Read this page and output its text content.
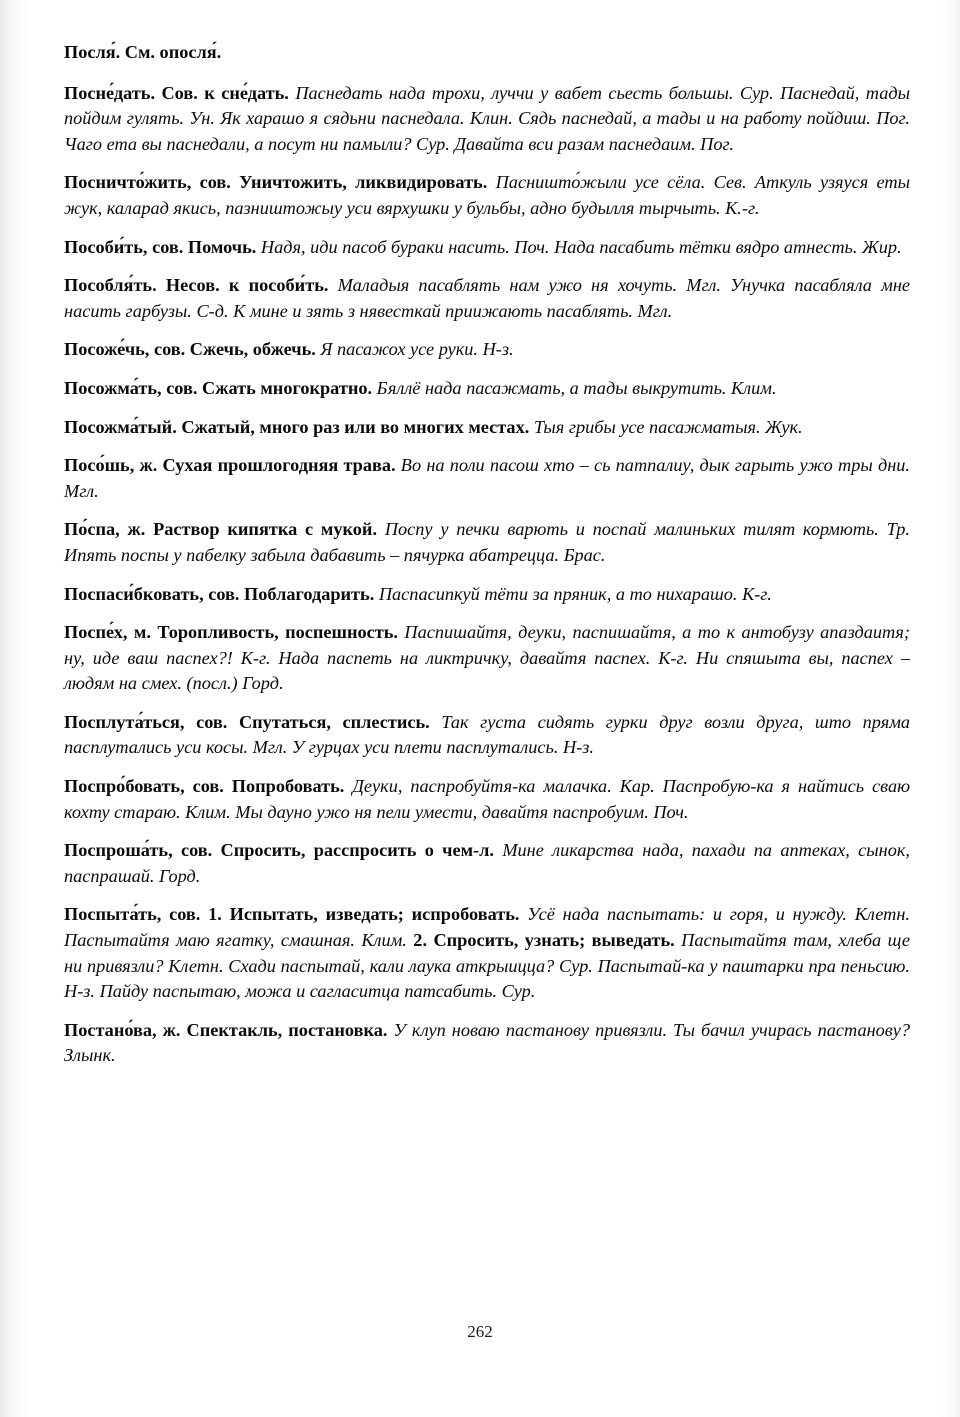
Посля́. См. опосля́.

Посне́дать. Сов. к сне́дать. Паснедать нада трохи, луччи у вабет сьесть большы. Сур. Паснедай, тады пойдим гулять. Ун. Як харашо я сядьни паснедала. Клин. Сядь паснедай, а тады и на работу пойдиш. Пог. Чаго ета вы паснедали, а посут ни памыли? Сур. Давайта вси разам паснедаим. Пог.

Посничто́жить, сов. Уничтожить, ликвидировать. Пасништо́жыли усе сёла. Сев. Аткуль узяуся еты жук, каларад якись, пазништожыу уси вярхушки у бульбы, адно будылля тырчыть. К.-г.

Пособи́ть, сов. Помочь. Надя, иди пасоб бураки насить. Поч. Нада пасабить тётки вядро атнесть. Жир.

Пособля́ть. Несов. к пособи́ть. Маладыя пасаблять нам ужо ня хочуть. Мгл. Унучка пасабляла мне насить гарбузы. С-д. К мине и зять з нявесткай приижають пасаблять. Мгл.

Посоже́чь, сов. Сжечь, обжечь. Я пасажох усе руки. Н-з.

Посожма́ть, сов. Сжать многократно. Бяллё нада пасажмать, а тады выкрутить. Клим.

Посожма́тый. Сжатый, много раз или во многих местах. Тыя грибы усе пасажматыя. Жук.

Посо́шь, ж. Сухая прошлогодняя трава. Во на поли пасош хто – сь патпалиу, дык гарыть ужо тры дни. Мгл.

По́спа, ж. Раствор кипятка с мукой. Поспу у печки варють и поспай малиньких тилят кормють. Тр. Ипять поспы у пабелку забыла дабавить – пячурка абатрецца. Брас.

Поспаси́бковать, сов. Поблагодарить. Паспасипкуй тёти за пряник, а то нихарашо. К-г.

Поспе́х, м. Торопливость, поспешность. Паспишайтя, деуки, паспишайтя, а то к антобузу апаздаитя; ну, иде ваш паспех?! К-г. Нада паспеть на ликтричку, давайтя паспех. К-г. Ни спяшыта вы, паспех – людям на смех. (посл.) Горд.

Посплута́ться, сов. Спутаться, сплестись. Так густа сидять гурки друг возли друга, што пряма пасплутались уси косы. Мгл. У гурцах уси плети пасплутались. Н-з.

Поспро́бовать, сов. Попробовать. Деуки, паспробуйтя-ка малачка. Кар. Паспробую-ка я найтись сваю кохту стараю. Клим. Мы дауно ужо ня пели умести, давайтя паспробуим. Поч.

Поспроша́ть, сов. Спросить, расспросить о чем-л. Мине ликарства нада, пахади па аптеках, сынок, паспрашай. Горд.

Поспыта́ть, сов. 1. Испытать, изведать; испробовать. Усё нада паспытать: и горя, и нужду. Клетн. Паспытайтя маю ягатку, смашная. Клим. 2. Спросить, узнать; выведать. Паспытайтя там, хлеба ще ни привязли? Клетн. Схади паспытай, кали лаука аткрыицца? Сур. Паспытай-ка у паштарки пра пеньсию. Н-з. Пайду паспытаю, можа и сагласитца патсабить. Сур.

Постано́ва, ж. Спектакль, постановка. У клуп новаю пастанову привязли. Ты бачил учирась пастанову? Злынк.

262
